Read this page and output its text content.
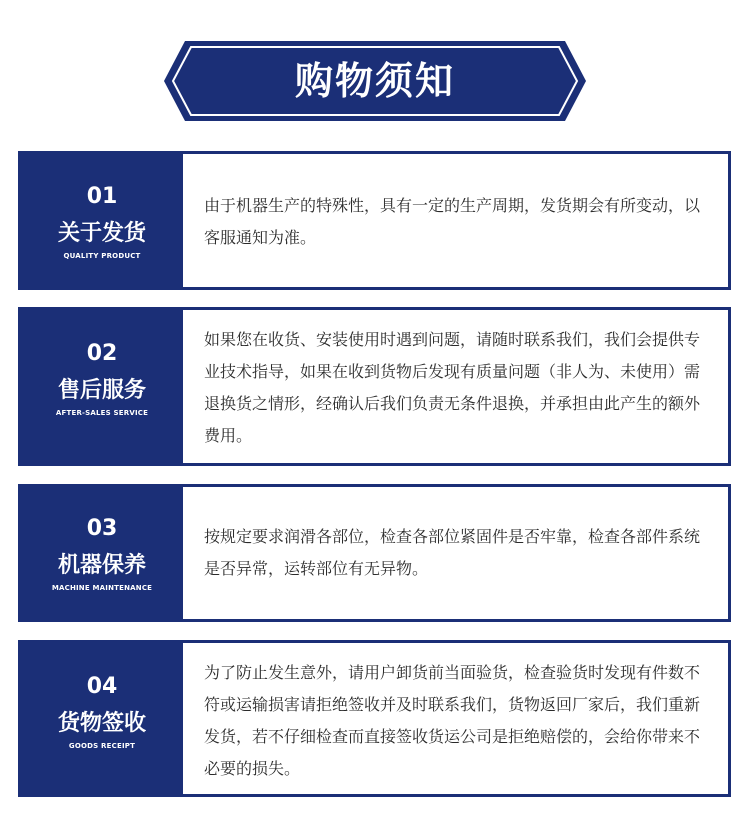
购物须知
01
关于发货
QUALITY PRODUCT
由于机器生产的特殊性，具有一定的生产周期，发货期会有所变动，以客服通知为准。
02
售后服务
AFTER-SALES SERVICE
如果您在收货、安装使用时遇到问题，请随时联系我们，我们会提供专业技术指导，如果在收到货物后发现有质量问题（非人为、未使用）需退换货之情形，经确认后我们负责无条件退换，并承担由此产生的额外费用。
03
机器保养
MACHINE MAINTENANCE
按规定要求润滑各部位，检查各部位紧固件是否牢靠，检查各部件系统是否异常，运转部位有无异物。
04
货物签收
GOODS RECEIPT
为了防止发生意外，请用户卸货前当面验货，检查验货时发现有件数不符或运输损害请拒绝签收并及时联系我们，货物返回厂家后，我们重新发货，若不仔细检查而直接签收货运公司是拒绝赔偿的，会给你带来不必要的损失。
